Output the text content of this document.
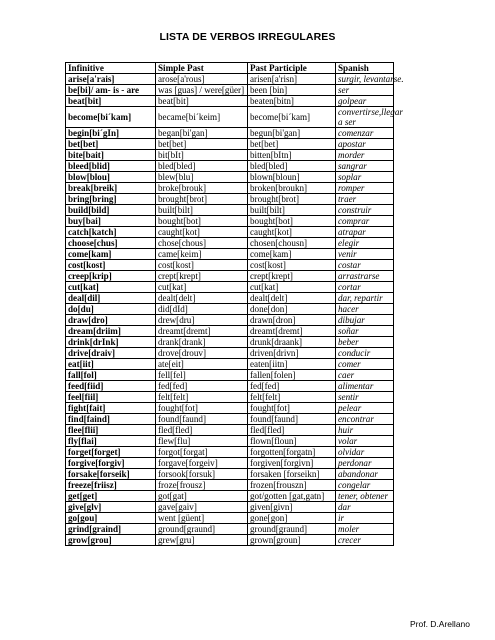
LISTA DE VERBOS IRREGULARES
Infinitive	Simple Past	Past Participle	Spanish
arise[a'rais]	arose[a'rous]	arisen[a'risn]	surgir, levantarse.
be[bi]/ am- is - are	was [guas] / were[güer]	been [bin]	ser
beat[bit]	beat[bit]	beaten[bitn]	golpear
become[bi´kam]	became[bi´keim]	become[bi´kam]	convertirse,llegar a ser
begin[bi´gIn]	began[bi'gan]	begun[bi'gan]	comenzar
bet[bet]	bet[bet]	bet[bet]	apostar
bite[bait]	bit[bIt]	bitten[bItn]	morder
bleed[blid]	bled[bled]	bled[bled]	sangrar
blow[blou]	blew[blu]	blown[bloun]	soplar
break[breik]	broke[brouk]	broken[broukn]	romper
bring[bring]	brought[brot]	brought[brot]	traer
build[bild]	built[bilt]	built[bilt]	construir
buy[bai]	bought[bot]	bought[bot]	comprar
catch[katch]	caught[kot]	caught[kot]	atrapar
choose[chus]	chose[chous]	chosen[chousn]	elegir
come[kam]	came[keim]	come[kam]	venir
cost[kost]	cost[kost]	cost[kost]	costar
creep[krip]	crept[krept]	crept[krept]	arrastrarse
cut[kat]	cut[kat]	cut[kat]	cortar
deal[dil]	dealt[delt]	dealt[delt]	dar, repartir
do[du]	did[dId]	done[don]	hacer
draw[dro]	drew[dru]	drawn[dron]	dibujar
dream[driim]	dreamt[dremt]	dreamt[dremt]	soñar
drink[drInk]	drank[drank]	drunk[draank]	beber
drive[draiv]	drove[drouv]	driven[drivn]	conducir
eat[iit]	ate[eit]	eaten[iitn]	comer
fall[fol]	fell[fel]	fallen[folen]	caer
feed[fiid]	fed[fed]	fed[fed]	alimentar
feel[fiil]	felt[felt]	felt[felt]	sentir
fight[fait]	fought[fot]	fought[fot]	pelear
find[faind]	found[faund]	found[faund]	encontrar
flee[flii]	fled[fled]	fled[fled]	huir
fly[flai]	flew[flu]	flown[floun]	volar
forget[forget]	forgot[forgat]	forgotten[forgatn]	olvidar
forgive[forgiv]	forgave[forgeiv]	forgiven[forgivn]	perdonar
forsake[forseik]	forsook[forsuk]	forsaken [forseikn]	abandonar
freeze[friisz]	froze[frousz]	frozen[frouszn]	congelar
get[get]	got[gat]	got/gotten [gat,gatn]	tener, obtener
give[glv]	gave[gaiv]	given[givn]	dar
go[gou]	went [güent]	gone[gon]	ir
grind[graind]	ground[graund]	ground[graund]	moler
grow[grou]	grew[gru]	grown[groun]	crecer
Prof. D.Arellano
